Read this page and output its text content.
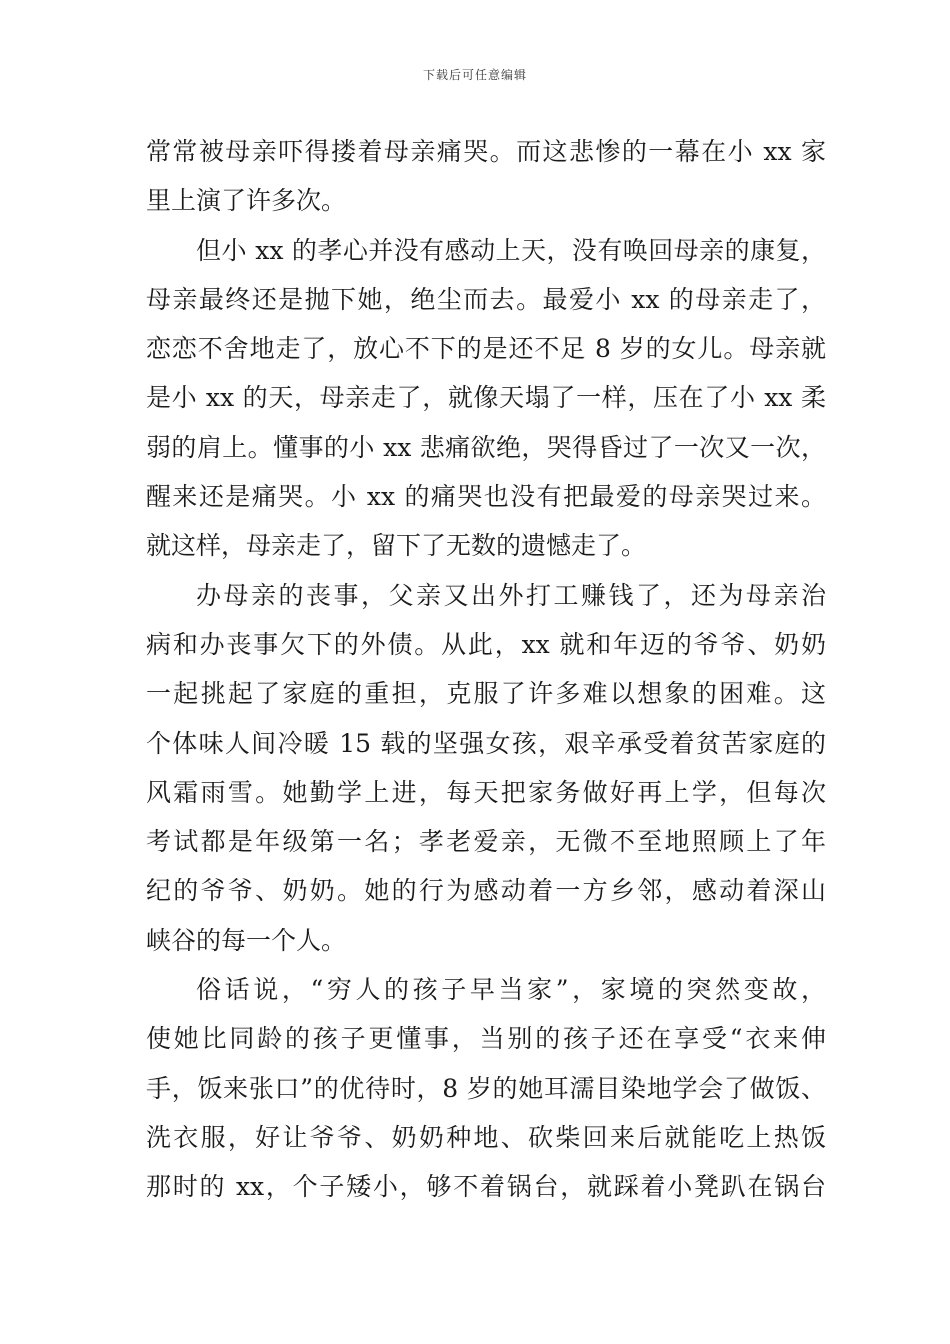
下载后可任意编辑
常常被母亲吓得搂着母亲痛哭。而这悲惨的一幕在小 xx 家
里上演了许多次。
但小 xx 的孝心并没有感动上天，没有唤回母亲的康复，
母亲最终还是抛下她，绝尘而去。最爱小 xx 的母亲走了，
恋恋不舍地走了，放心不下的是还不足 8 岁的女儿。母亲就
是小 xx 的天，母亲走了，就像天塌了一样，压在了小 xx 柔
弱的肩上。懂事的小 xx 悲痛欲绝，哭得昏过了一次又一次，
醒来还是痛哭。小 xx 的痛哭也没有把最爱的母亲哭过来。
就这样，母亲走了，留下了无数的遗憾走了。
办母亲的丧事，父亲又出外打工赚钱了，还为母亲治
病和办丧事欠下的外债。从此，xx 就和年迈的爷爷、奶奶
一起挑起了家庭的重担，克服了许多难以想象的困难。这
个体味人间冷暖 15 载的坚强女孩，艰辛承受着贫苦家庭的
风霜雨雪。她勤学上进，每天把家务做好再上学，但每次
考试都是年级第一名；孝老爱亲，无微不至地照顾上了年
纪的爷爷、奶奶。她的行为感动着一方乡邻，感动着深山
峡谷的每一个人。
俗话说，“穷人的孩子早当家”，家境的突然变故，
使她比同龄的孩子更懂事，当别的孩子还在享受“衣来伸
手，饭来张口”的优待时，8 岁的她耳濡目染地学会了做饭、
洗衣服，好让爷爷、奶奶种地、砍柴回来后就能吃上热饭
那时的 xx，个子矮小，够不着锅台，就踩着小凳趴在锅台
